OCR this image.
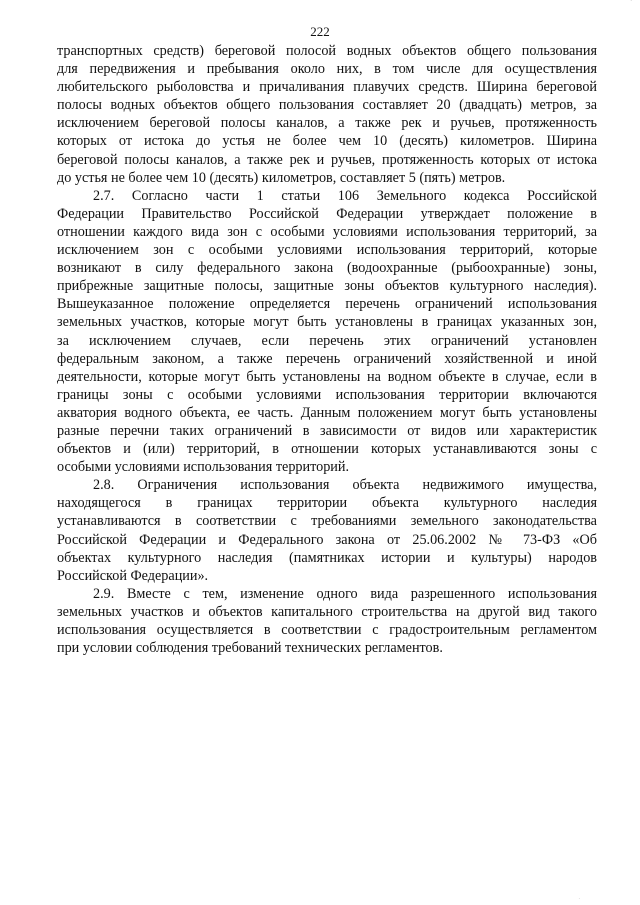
222
транспортных средств) береговой полосой водных объектов общего пользования
для передвижения и пребывания около них, в том числе для осуществления
любительского рыболовства и причаливания плавучих средств. Ширина береговой
полосы водных объектов общего пользования составляет 20 (двадцать) метров, за
исключением береговой полосы каналов, а также рек и ручьев, протяженность
которых от истока до устья не более чем 10 (десять) километров. Ширина
береговой полосы каналов, а также рек и ручьев, протяженность которых от истока
до устья не более чем 10 (десять) километров, составляет 5 (пять) метров.
2.7. Согласно части 1 статьи 106 Земельного кодекса Российской
Федерации Правительство Российской Федерации утверждает положение в
отношении каждого вида зон с особыми условиями использования территорий, за
исключением зон с особыми условиями использования территорий, которые
возникают в силу федерального закона (водоохранные (рыбоохранные) зоны,
прибрежные защитные полосы, защитные зоны объектов культурного наследия).
Вышеуказанное положение определяется перечень ограничений использования
земельных участков, которые могут быть установлены в границах указанных зон,
за исключением случаев, если перечень этих ограничений установлен
федеральным законом, а также перечень ограничений хозяйственной и иной
деятельности, которые могут быть установлены на водном объекте в случае, если в
границы зоны с особыми условиями использования территории включаются
акватория водного объекта, ее часть. Данным положением могут быть установлены
разные перечни таких ограничений в зависимости от видов или характеристик
объектов и (или) территорий, в отношении которых устанавливаются зоны с
особыми условиями использования территорий.
2.8. Ограничения использования объекта недвижимого имущества,
находящегося в границах территории объекта культурного наследия
устанавливаются в соответствии с требованиями земельного законодательства
Российской Федерации и Федерального закона от 25.06.2002 № 73-ФЗ «Об
объектах культурного наследия (памятниках истории и культуры) народов
Российской Федерации».
2.9. Вместе с тем, изменение одного вида разрешенного использования
земельных участков и объектов капитального строительства на другой вид такого
использования осуществляется в соответствии с градостроительным регламентом
при условии соблюдения требований технических регламентов.
`
·
